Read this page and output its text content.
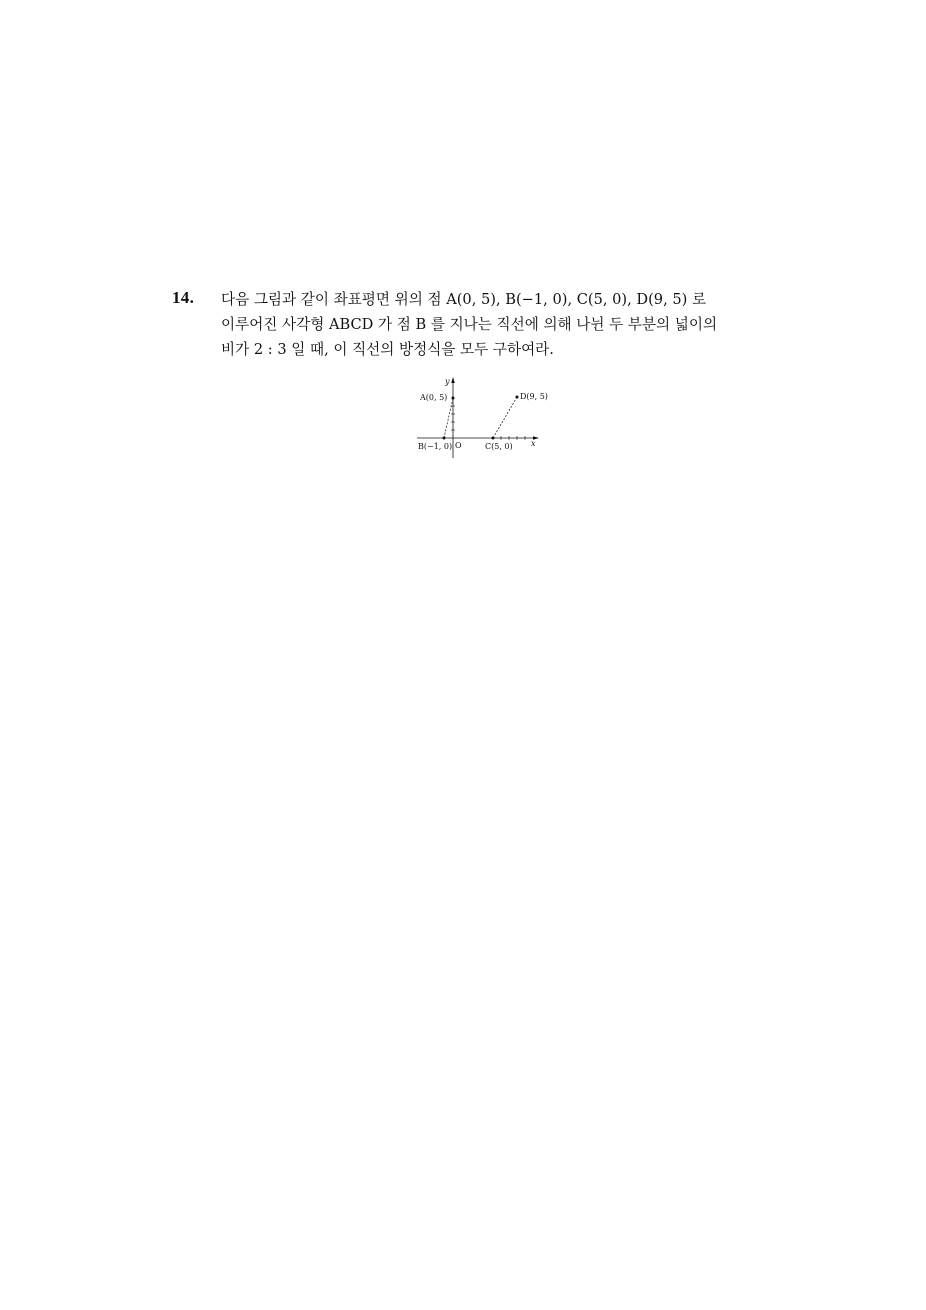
14. 다음 그림과 같이 좌표평면 위의 점 A(0, 5), B(−1, 0), C(5, 0), D(9, 5) 로
이루어진 사각형 ABCD 가 점 B 를 지나는 직선에 의해 나뉜 두 부분의 넓이의
비가 2 : 3 일 때, 이 직선의 방정식을 모두 구하여라.
A(0, 5)
B(−1, 0)	C(5, 0)
D(9, 5)
O	x
y
